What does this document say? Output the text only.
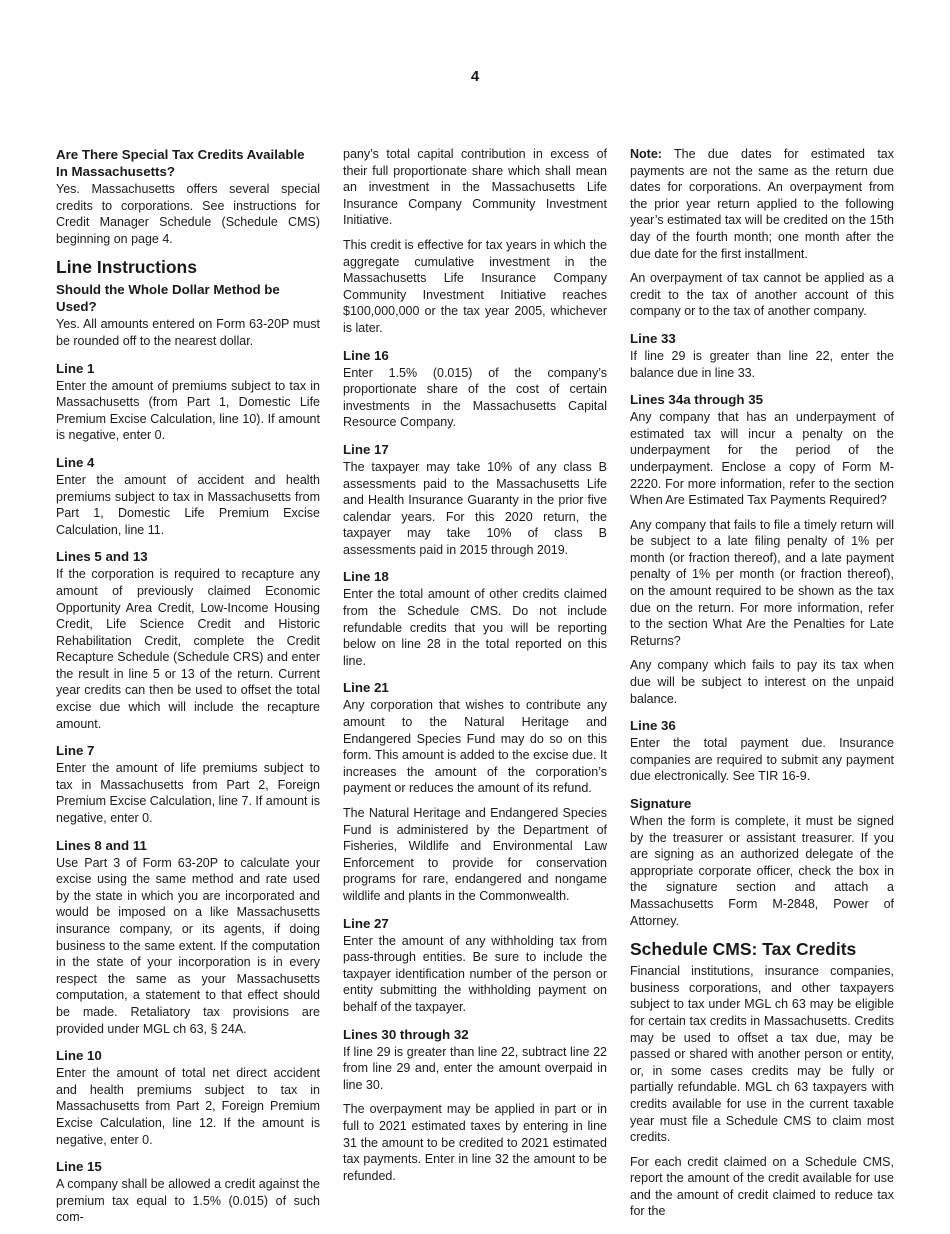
4
Are There Special Tax Credits Available In Massachusetts?

Yes. Massachusetts offers several special credits to corporations. See instructions for Credit Manager Schedule (Schedule CMS) beginning on page 4.

Line Instructions
Should the Whole Dollar Method be Used?

Yes. All amounts entered on Form 63-20P must be rounded off to the nearest dollar.

Line 1

Enter the amount of premiums subject to tax in Massachusetts (from Part 1, Domestic Life Premium Excise Calculation, line 10). If amount is negative, enter 0.

Line 4

Enter the amount of accident and health premiums subject to tax in Massachusetts from Part 1, Domestic Life Premium Excise Calculation, line 11.

Lines 5 and 13

If the corporation is required to recapture any amount of previously claimed Economic Opportunity Area Credit, Low-Income Housing Credit, Life Science Credit and Historic Rehabilitation Credit, complete the Credit Recapture Schedule (Schedule CRS) and enter the result in line 5 or 13 of the return. Current year credits can then be used to offset the total excise due which will include the recapture amount.

Line 7

Enter the amount of life premiums subject to tax in Massachusetts from Part 2, Foreign Premium Excise Calculation, line 7. If amount is negative, enter 0.

Lines 8 and 11

Use Part 3 of Form 63-20P to calculate your excise using the same method and rate used by the state in which you are incorporated and would be imposed on a like Massachusetts insurance company, or its agents, if doing business to the same extent. If the computation in the state of your incorporation is in every respect the same as your Massachusetts computation, a statement to that effect should be made. Retaliatory tax provisions are provided under MGL ch 63, § 24A.

Line 10

Enter the amount of total net direct accident and health premiums subject to tax in Massachusetts from Part 2, Foreign Premium Excise Calculation, line 12. If the amount is negative, enter 0.

Line 15

A company shall be allowed a credit against the premium tax equal to 1.5% (0.015) of such com-

pany’s total capital contribution in excess of their full proportionate share which shall mean an investment in the Massachusetts Life Insurance Company Community Investment Initiative.

This credit is effective for tax years in which the aggregate cumulative investment in the Massachusetts Life Insurance Company Community Investment Initiative reaches $100,000,000 or the tax year 2005, whichever is later.

Line 16

Enter 1.5% (0.015) of the company’s proportionate share of the cost of certain investments in the Massachusetts Capital Resource Company.

Line 17

The taxpayer may take 10% of any class B assessments paid to the Massachusetts Life and Health Insurance Guaranty in the prior five calendar years. For this 2020 return, the taxpayer may take 10% of class B assessments paid in 2015 through 2019.

Line 18

Enter the total amount of other credits claimed from the Schedule CMS. Do not include refundable credits that you will be reporting below on line 28 in the total reported on this line.

Line 21

Any corporation that wishes to contribute any amount to the Natural Heritage and Endangered Species Fund may do so on this form. This amount is added to the excise due. It increases the amount of the corporation’s payment or reduces the amount of its refund.

The Natural Heritage and Endangered Species Fund is administered by the Department of Fisheries, Wildlife and Environmental Law Enforcement to provide for conservation programs for rare, endangered and nongame wildlife and plants in the Commonwealth.

Line 27

Enter the amount of any withholding tax from pass-through entities. Be sure to include the taxpayer identification number of the person or entity submitting the withholding payment on behalf of the taxpayer.

Lines 30 through 32

If line 29 is greater than line 22, subtract line 22 from line 29 and, enter the amount overpaid in line 30.

The overpayment may be applied in part or in full to 2021 estimated taxes by entering in line 31 the amount to be credited to 2021 estimated tax payments. Enter in line 32 the amount to be refunded.

Note: The due dates for estimated tax payments are not the same as the return due dates for corporations. An overpayment from the prior year return applied to the following year’s estimated tax will be credited on the 15th day of the fourth month; one month after the due date for the first installment.

An overpayment of tax cannot be applied as a credit to the tax of another account of this company or to the tax of another company.

Line 33

If line 29 is greater than line 22, enter the balance due in line 33.

Lines 34a through 35

Any company that has an underpayment of estimated tax will incur a penalty on the underpayment for the period of the underpayment. Enclose a copy of Form M-2220. For more information, refer to the section When Are Estimated Tax Payments Required?

Any company that fails to file a timely return will be subject to a late filing penalty of 1% per month (or fraction thereof), and a late payment penalty of 1% per month (or fraction thereof), on the amount required to be shown as the tax due on the return. For more information, refer to the section What Are the Penalties for Late Returns?

Any company which fails to pay its tax when due will be subject to interest on the unpaid balance.

Line 36

Enter the total payment due. Insurance companies are required to submit any payment due electronically. See TIR 16-9.

Signature

When the form is complete, it must be signed by the treasurer or assistant treasurer. If you are signing as an authorized delegate of the appropriate corporate officer, check the box in the signature section and attach a Massachusetts Form M-2848, Power of Attorney.

Schedule CMS: Tax Credits

Financial institutions, insurance companies, business corporations, and other taxpayers subject to tax under MGL ch 63 may be eligible for certain tax credits in Massachusetts. Credits may be used to offset a tax due, may be passed or shared with another person or entity, or, in some cases credits may be fully or partially refundable. MGL ch 63 taxpayers with credits available for use in the current taxable year must file a Schedule CMS to claim most credits.

For each credit claimed on a Schedule CMS, report the amount of the credit available for use and the amount of credit claimed to reduce tax for the
